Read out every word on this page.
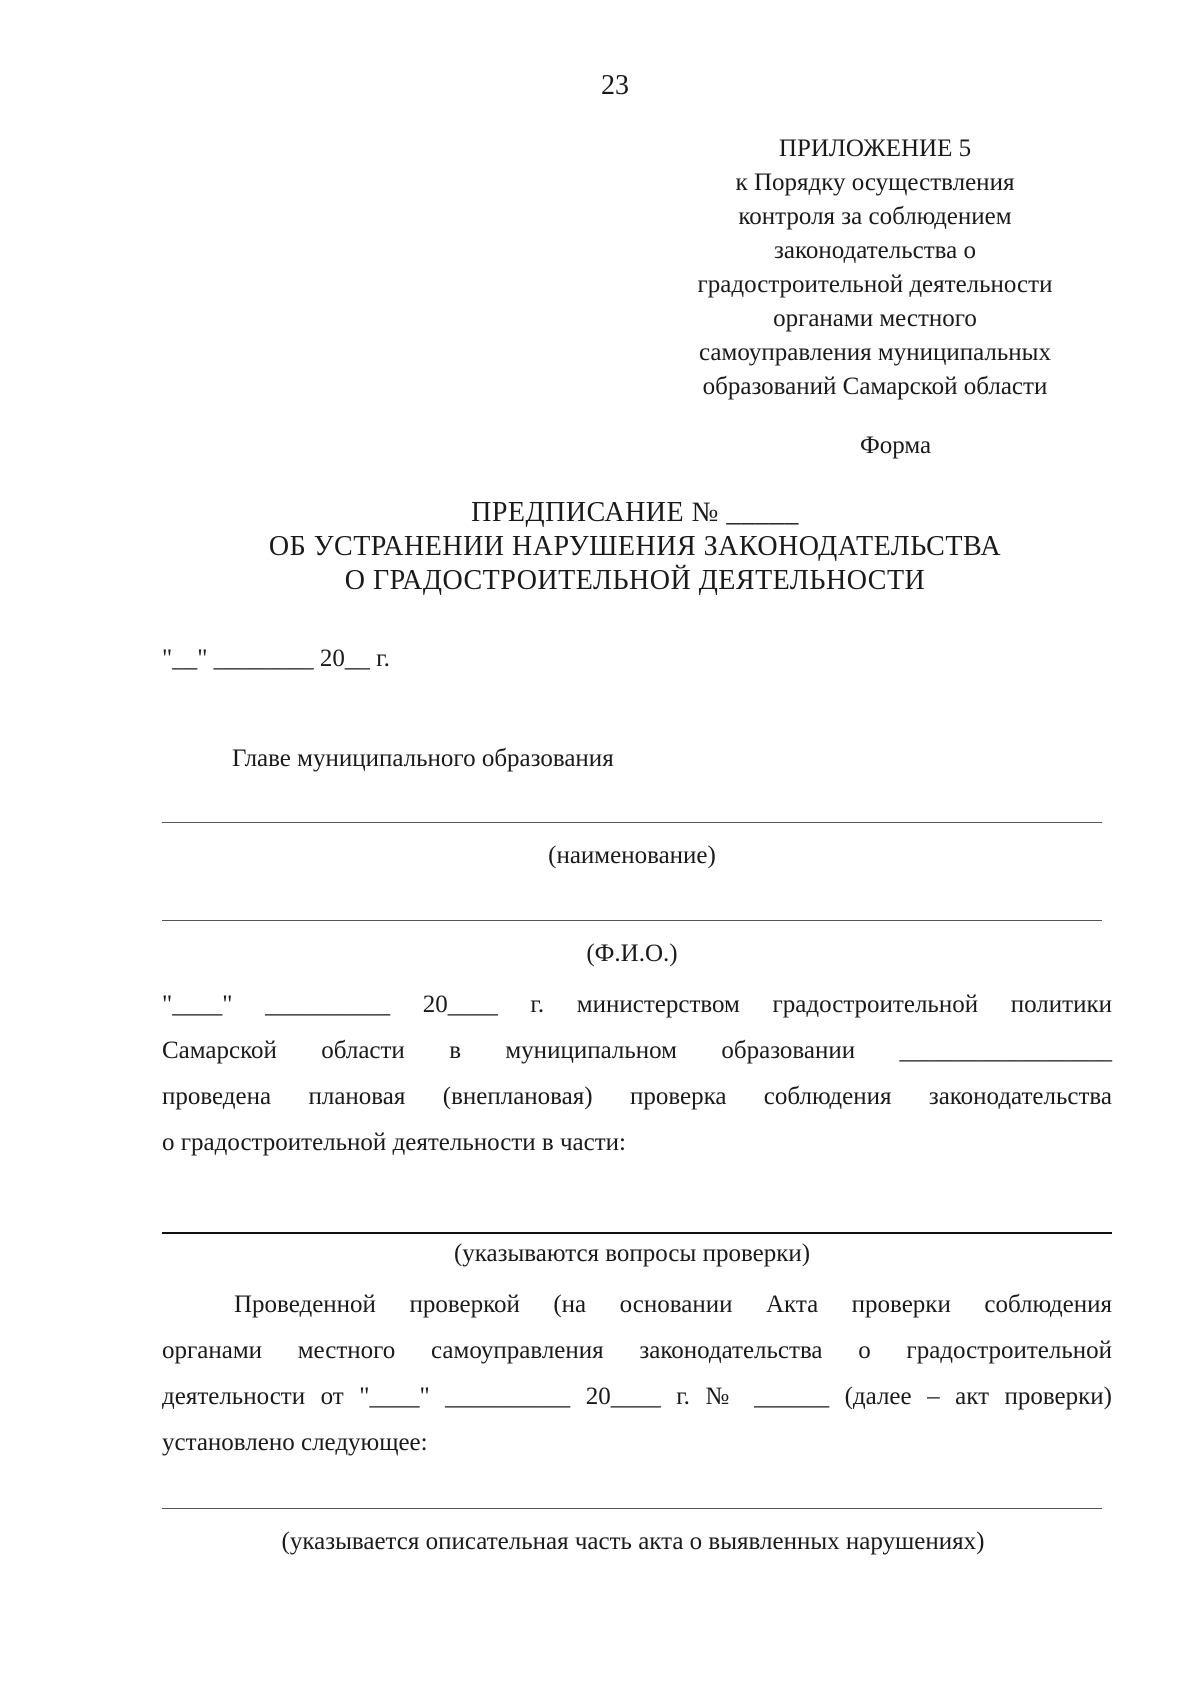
23
ПРИЛОЖЕНИЕ 5
к Порядку осуществления
контроля за соблюдением
законодательства о
градостроительной деятельности
органами местного
самоуправления муниципальных
образований Самарской области
Форма
ПРЕДПИСАНИЕ № _____
ОБ УСТРАНЕНИИ НАРУШЕНИЯ ЗАКОНОДАТЕЛЬСТВА
О ГРАДОСТРОИТЕЛЬНОЙ ДЕЯТЕЛЬНОСТИ
"__" ________ 20__ г.
Главе муниципального образования
(наименование)
(Ф.И.О.)
"____" __________ 20____ г. министерством градостроительной политики
Самарской области в муниципальном образовании _________________
проведена плановая (внеплановая) проверка соблюдения законодательства
о градостроительной деятельности в части:
(указываются вопросы проверки)
Проведенной проверкой (на основании Акта проверки соблюдения
органами местного самоуправления законодательства о градостроительной
деятельности от "____" __________ 20____ г. № ______ (далее – акт проверки)
установлено следующее:
(указывается описательная часть акта о выявленных нарушениях)
